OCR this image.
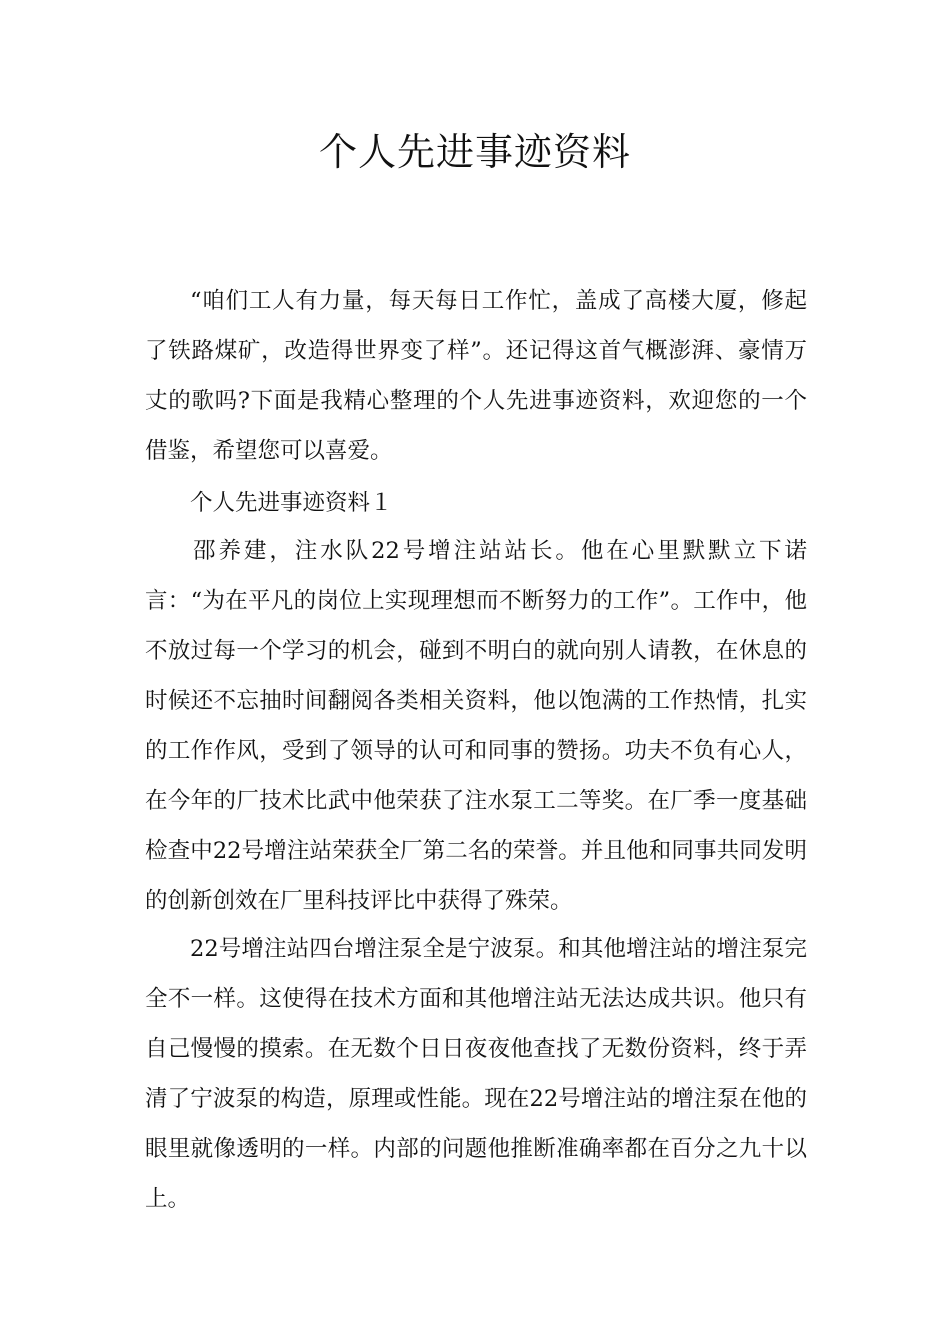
个人先进事迹资料

“咱们工人有力量，每天每日工作忙，盖成了高楼大厦，修起了铁路煤矿，改造得世界变了样”。还记得这首气概澎湃、豪情万丈的歌吗?下面是我精心整理的个人先进事迹资料，欢迎您的一个借鉴，希望您可以喜爱。

个人先进事迹资料１

邵养建，注水队22号增注站站长。他在心里默默立下诺言：“为在平凡的岗位上实现理想而不断努力的工作”。工作中，他不放过每一个学习的机会，碰到不明白的就向别人请教，在休息的时候还不忘抽时间翻阅各类相关资料，他以饱满的工作热情，扎实的工作作风，受到了领导的认可和同事的赞扬。功夫不负有心人，在今年的厂技术比武中他荣获了注水泵工二等奖。在厂季一度基础检查中22号增注站荣获全厂第二名的荣誉。并且他和同事共同发明的创新创效在厂里科技评比中获得了殊荣。

22号增注站四台增注泵全是宁波泵。和其他增注站的增注泵完全不一样。这使得在技术方面和其他增注站无法达成共识。他只有自己慢慢的摸索。在无数个日日夜夜他查找了无数份资料，终于弄清了宁波泵的构造，原理或性能。现在22号增注站的增注泵在他的眼里就像透明的一样。内部的问题他推断准确率都在百分之九十以上。
